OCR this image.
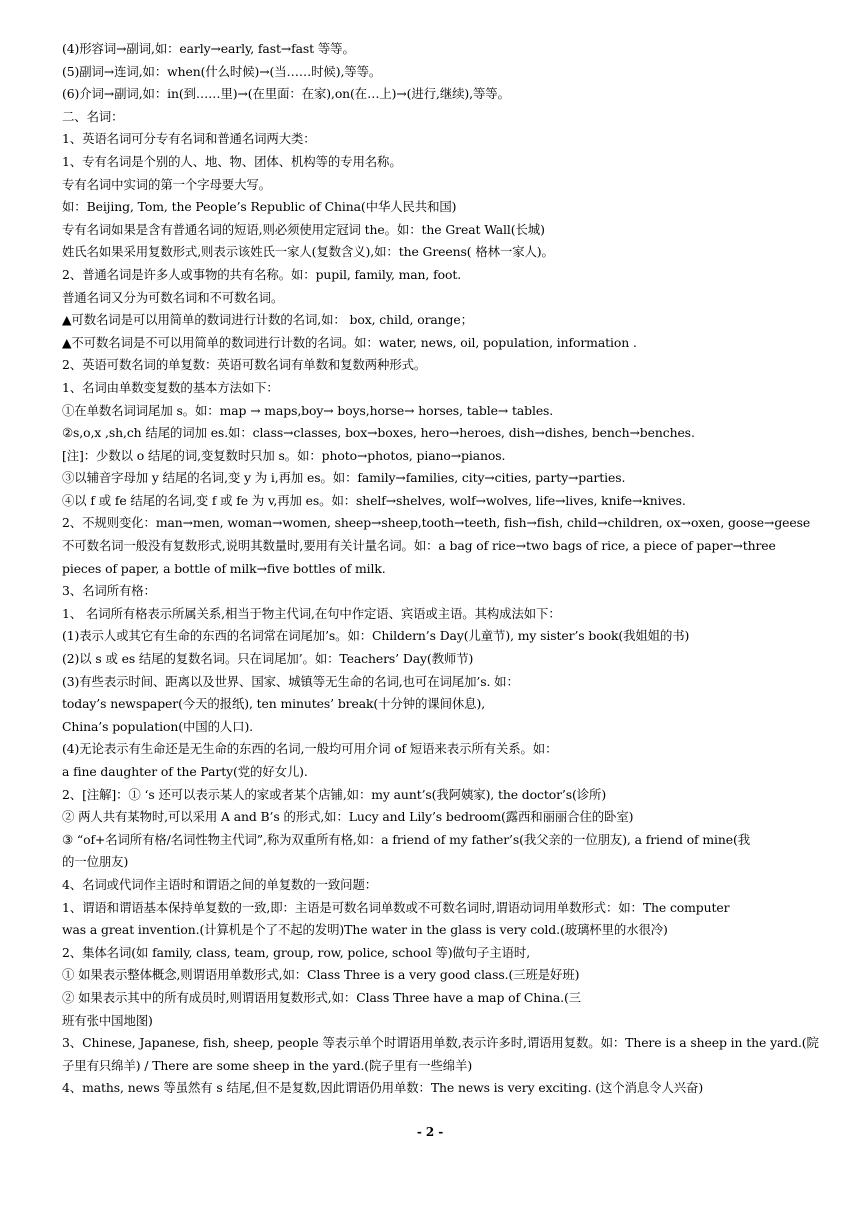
(4)形容词→副词,如：early→early, fast→fast 等等。
(5)副词→连词,如：when(什么时候)→(当……时候),等等。
(6)介词→副词,如：in(到……里)→(在里面：在家),on(在…上)→(进行,继续),等等。
二、名词：
1、英语名词可分专有名词和普通名词两大类：
1、专有名词是个别的人、地、物、团体、机构等的专用名称。
专有名词中实词的第一个字母要大写。
如：Beijing, Tom, the People’s Republic of China(中华人民共和国)
专有名词如果是含有普通名词的短语,则必须使用定冠词 the。如：the Great Wall(长城)
姓氏名如果采用复数形式,则表示该姓氏一家人(复数含义),如：the Greens( 格林一家人)。
2、普通名词是许多人或事物的共有名称。如：pupil, family, man, foot.
普通名词又分为可数名词和不可数名词。
▲可数名词是可以用简单的数词进行计数的名词,如： box, child, orange；
▲不可数名词是不可以用简单的数词进行计数的名词。如：water, news, oil, population, information .
2、英语可数名词的单复数：英语可数名词有单数和复数两种形式。
1、名词由单数变复数的基本方法如下：
①在单数名词词尾加 s。如：map → maps,boy→ boys,horse→ horses, table→ tables.
②s,o,x ,sh,ch 结尾的词加 es.如：class→classes, box→boxes, hero→heroes, dish→dishes, bench→benches.
[注]：少数以 o 结尾的词,变复数时只加 s。如：photo→photos, piano→pianos.
③以辅音字母加 y 结尾的名词,变 y 为 i,再加 es。如：family→families, city→cities, party→parties.
④以 f 或 fe 结尾的名词,变 f 或 fe 为 v,再加 es。如：shelf→shelves, wolf→wolves, life→lives, knife→knives.
2、不规则变化：man→men, woman→women, sheep→sheep,tooth→teeth, fish→fish, child→children, ox→oxen, goose→geese
不可数名词一般没有复数形式,说明其数量时,要用有关计量名词。如：a bag of rice→two bags of rice, a piece of paper→three
pieces of paper, a bottle of milk→five bottles of milk.
3、名词所有格：
1、 名词所有格表示所属关系,相当于物主代词,在句中作定语、宾语或主语。其构成法如下：
(1)表示人或其它有生命的东西的名词常在词尾加’s。如：Childern’s Day(儿童节), my sister’s book(我姐姐的书)
(2)以 s 或 es 结尾的复数名词。只在词尾加’。如：Teachers’ Day(教师节)
(3)有些表示时间、距离以及世界、国家、城镇等无生命的名词,也可在词尾加’s. 如：
today’s newspaper(今天的报纸), ten minutes’ break(十分钟的课间休息),
China’s population(中国的人口).
(4)无论表示有生命还是无生命的东西的名词,一般均可用介词 of 短语来表示所有关系。如：
a fine daughter of the Party(党的好女儿).
2、[注解]：① ‘s 还可以表示某人的家或者某个店铺,如：my aunt’s(我阿姨家), the doctor’s(诊所)
② 两人共有某物时,可以采用 A and B’s 的形式,如：Lucy and Lily’s bedroom(露西和丽丽合住的卧室)
③ “of+名词所有格/名词性物主代词”,称为双重所有格,如：a friend of my father’s(我父亲的一位朋友), a friend of mine(我
的一位朋友)
4、名词或代词作主语时和谓语之间的单复数的一致问题：
1、谓语和谓语基本保持单复数的一致,即：主语是可数名词单数或不可数名词时,谓语动词用单数形式：如：The computer
was a great invention.(计算机是个了不起的发明)The water in the glass is very cold.(玻璃杯里的水很冷)
2、集体名词(如 family, class, team, group, row, police, school 等)做句子主语时,
① 如果表示整体概念,则谓语用单数形式,如：Class Three is a very good class.(三班是好班)
② 如果表示其中的所有成员时,则谓语用复数形式,如：Class Three have a map of China.(三
班有张中国地图)
3、Chinese, Japanese, fish, sheep, people 等表示单个时谓语用单数,表示许多时,谓语用复数。如：There is a sheep in the yard.(院
子里有只绵羊) / There are some sheep in the yard.(院子里有一些绵羊)
4、maths, news 等虽然有 s 结尾,但不是复数,因此谓语仍用单数：The news is very exciting. (这个消息令人兴奋)
- 2 -
